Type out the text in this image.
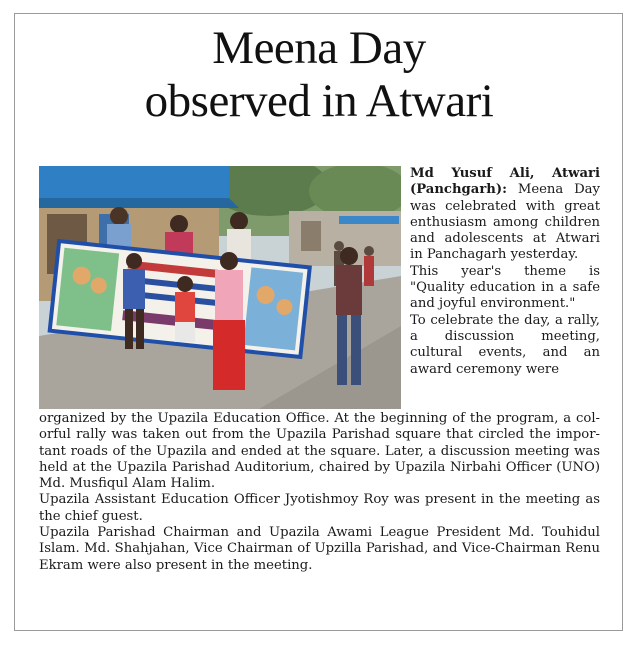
Meena Day
observed in Atwari

Md Yusuf Ali, Atwari (Panchgarh): Meena Day was celebrated with great enthusiasm among children and adolescents at Atwari in Panchagarh yesterday.

This year's theme is "Quality education in a safe and joyful environment."

To celebrate the day, a rally, a discussion meeting, cultural events, and an award ceremony were

organized by the Upazila Education Office. At the beginning of the program, a colorful rally was taken out from the Upazila Parishad square that circled the important roads of the Upazila and ended at the square. Later, a discussion meeting was held at the Upazila Parishad Auditorium, chaired by Upazila Nirbahi Officer (UNO) Md. Musfiqul Alam Halim.

Upazila Assistant Education Officer Jyotishmoy Roy was present in the meeting as the chief guest.

Upazila Parishad Chairman and Upazila Awami League President Md. Touhidul Islam. Md. Shahjahan, Vice Chairman of Upzilla Parishad, and Vice-Chairman Renu Ekram were also present in the meeting.
